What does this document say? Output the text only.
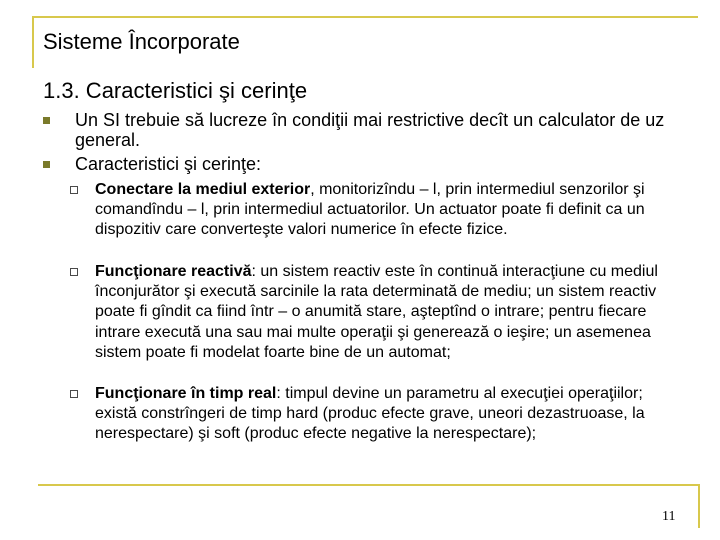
Sisteme Încorporate
1.3. Caracteristici şi cerinţe
Un SI trebuie să lucreze în condiţii mai restrictive decît un calculator de uz general.
Caracteristici şi cerinţe:
Conectare la mediul exterior, monitorizîndu – l, prin intermediul senzorilor şi comandîndu – l, prin intermediul actuatorilor. Un actuator poate fi definit ca un dispozitiv care converteşte valori numerice în efecte fizice.
Funcţionare reactivă: un sistem reactiv este în continuă interacţiune cu mediul înconjurător şi execută sarcinile la rata determinată de mediu; un sistem reactiv poate fi gîndit ca fiind într – o anumită stare, aşteptînd o intrare; pentru fiecare intrare execută una sau mai multe operaţii şi generează o ieşire; un asemenea sistem poate fi modelat foarte bine de un automat;
Funcţionare în timp real: timpul devine un parametru al execuţiei operaţiilor; există constrîngeri de timp hard (produc efecte grave, uneori dezastruoase, la nerespectare) şi soft (produc efecte negative la nerespectare);
11
